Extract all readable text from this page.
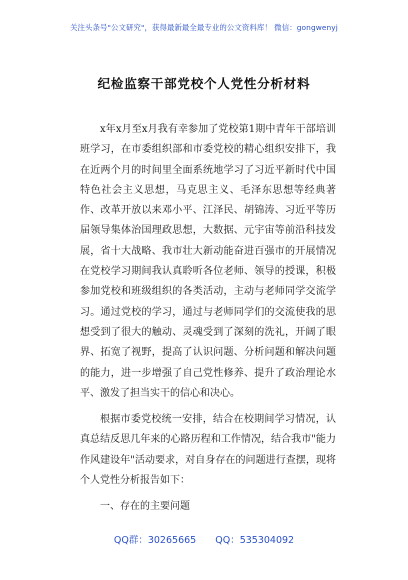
关注头条号"公文研究"，获得最新最全最专业的公文资料库！ 微信：gongwenyj
纪检监察干部党校个人党性分析材料

x年x月至x月我有幸参加了党校第1期中青年干部培训班学习，在市委组织部和市委党校的精心组织安排下，我在近两个月的时间里全面系统地学习了习近平新时代中国特色社会主义思想，马克思主义、毛泽东思想等经典著作、改革开放以来邓小平、江泽民、胡锦涛、习近平等历届领导集体治国理政思想，大数据、元宇宙等前沿科技发展，省十大战略、我市壮大新动能奋进百强市的开展情况在党校学习期间我认真聆听各位老师、领导的授课，积极参加党校和班级组织的各类活动，主动与老师同学交流学习。通过党校的学习，通过与老师同学们的交流使我的思想受到了很大的触动、灵魂受到了深刻的洗礼，开阔了眼界、拓宽了视野，提高了认识问题、分析问题和解决问题的能力，进一步增强了自己党性修养、提升了政治理论水平、激发了担当实干的信心和决心。

根据市委党校统一安排，结合在校期间学习情况，认真总结反思几年来的心路历程和工作情况，结合我市"能力作风建设年"活动要求，对自身存在的问题进行查摆，现将个人党性分析报告如下：

一、存在的主要问题

QQ群：30265665 QQ：535304092
